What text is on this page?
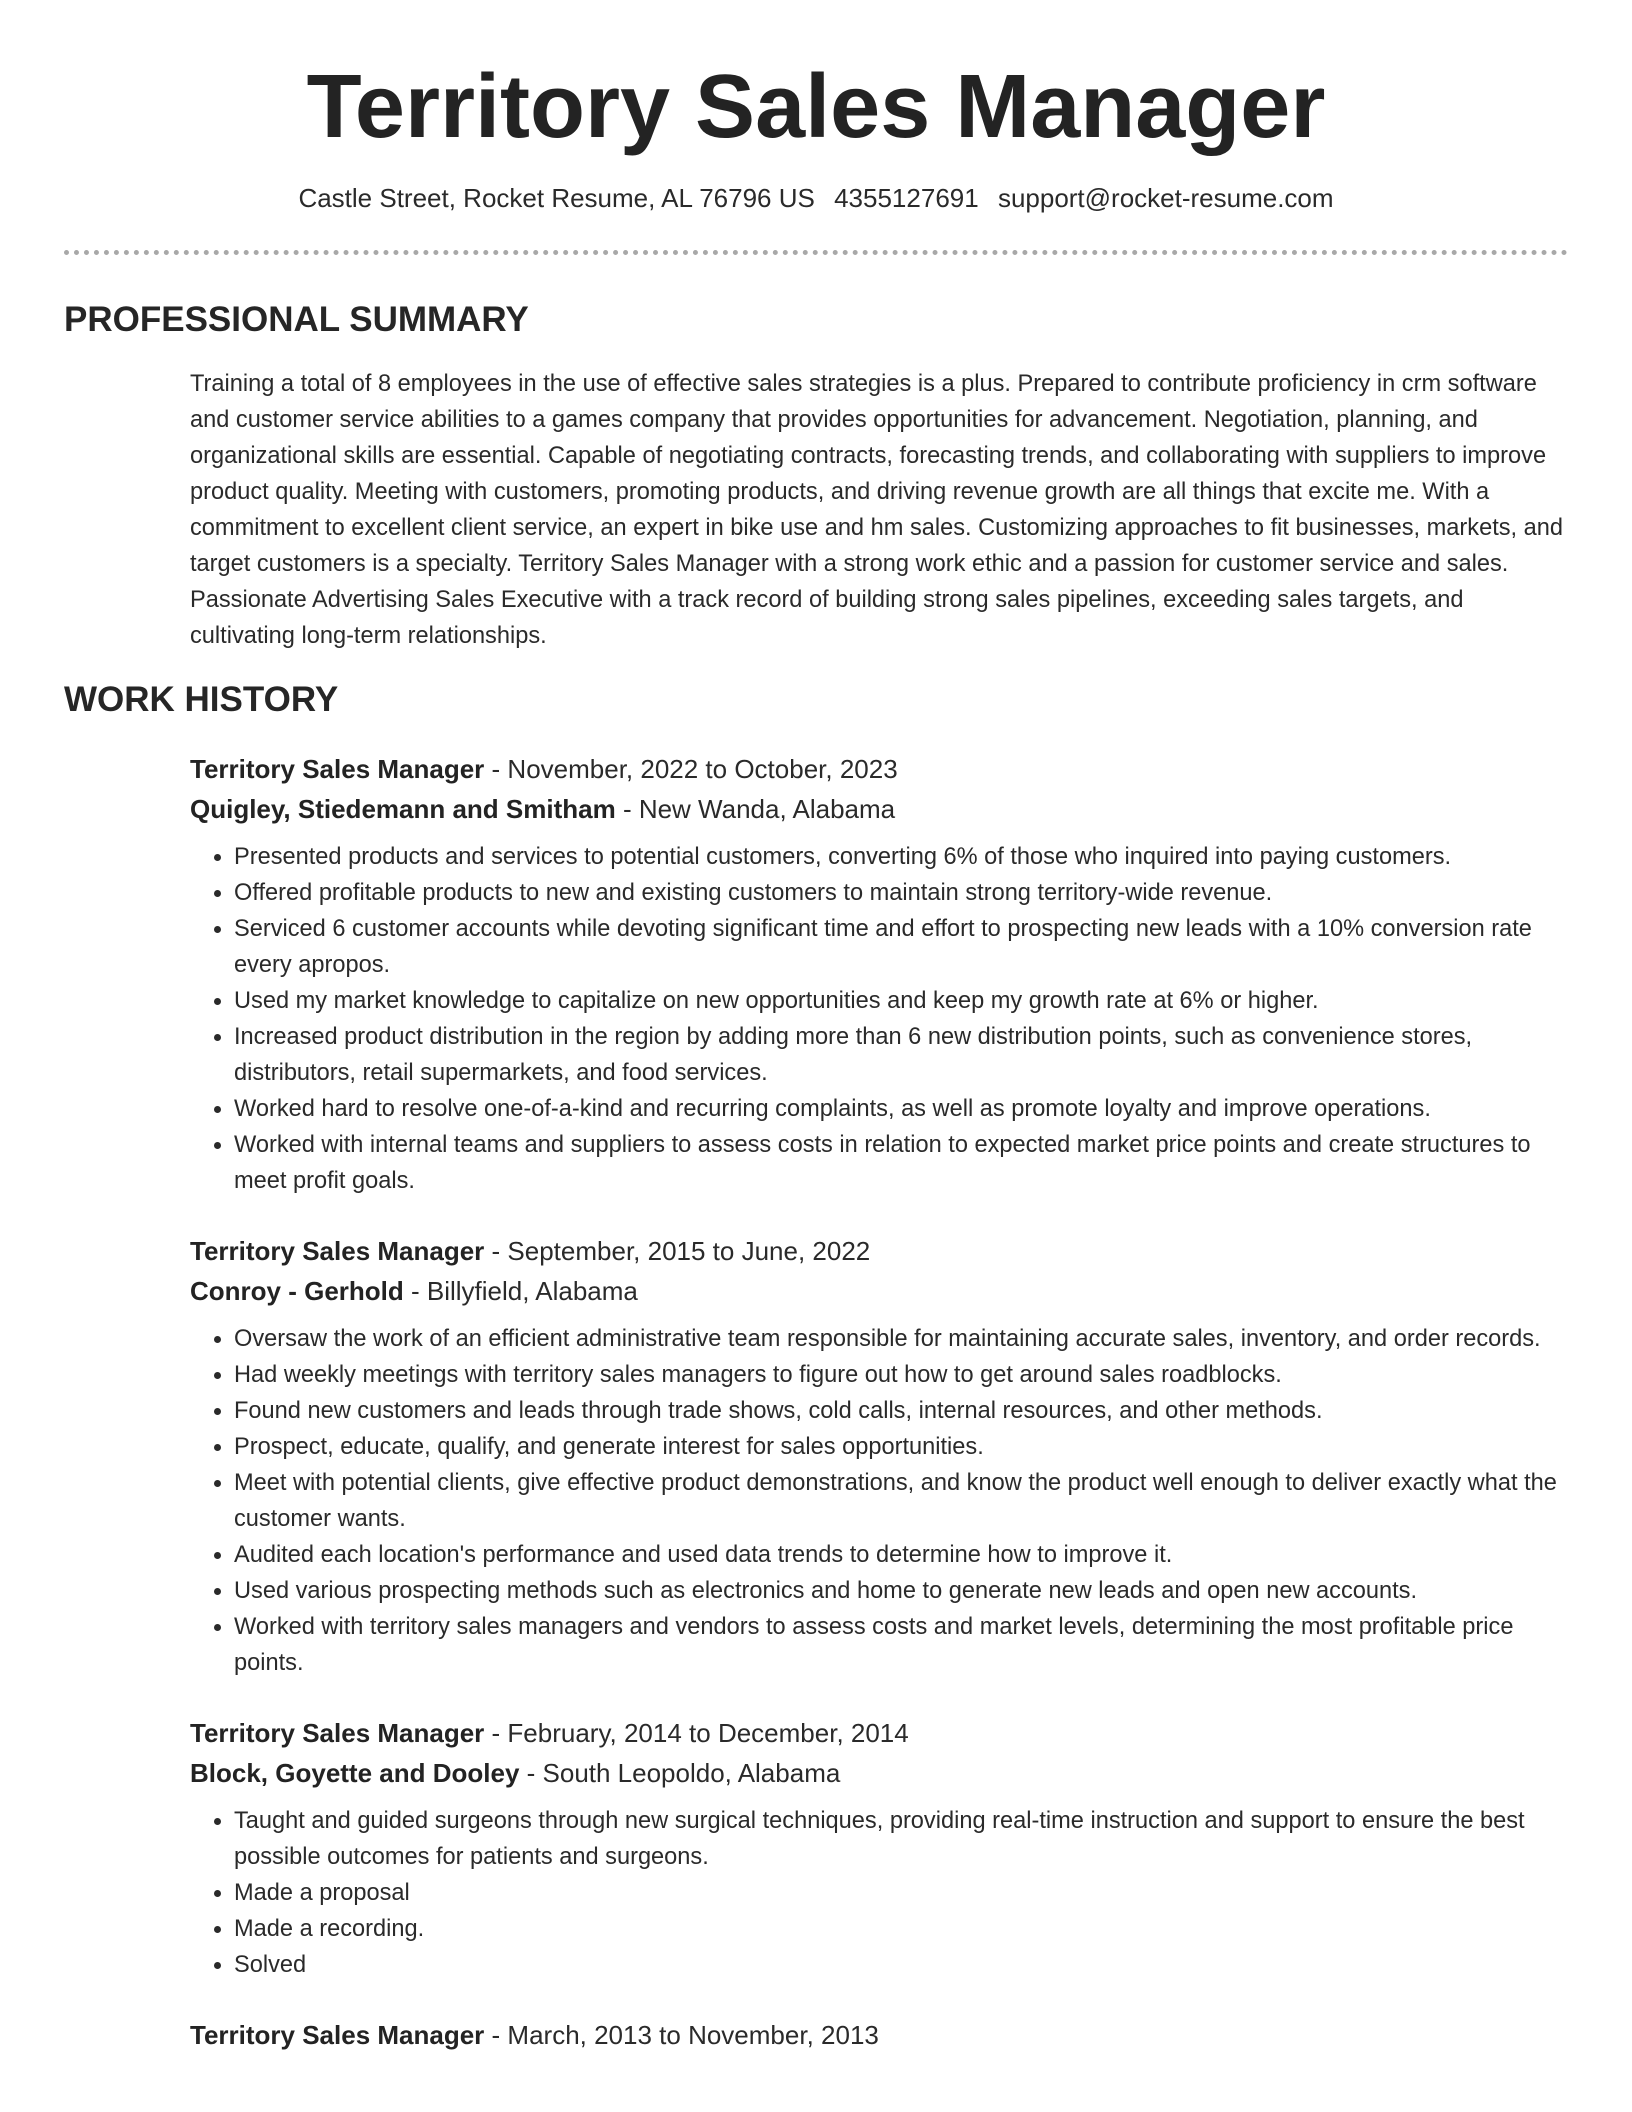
Territory Sales Manager
Castle Street, Rocket Resume, AL 76796 US 4355127691 support@rocket-resume.com
PROFESSIONAL SUMMARY

Training a total of 8 employees in the use of effective sales strategies is a plus. Prepared to contribute proficiency in crm software and customer service abilities to a games company that provides opportunities for advancement. Negotiation, planning, and organizational skills are essential. Capable of negotiating contracts, forecasting trends, and collaborating with suppliers to improve product quality. Meeting with customers, promoting products, and driving revenue growth are all things that excite me. With a commitment to excellent client service, an expert in bike use and hm sales. Customizing approaches to fit businesses, markets, and target customers is a specialty. Territory Sales Manager with a strong work ethic and a passion for customer service and sales. Passionate Advertising Sales Executive with a track record of building strong sales pipelines, exceeding sales targets, and cultivating long-term relationships.

WORK HISTORY

Territory Sales Manager - November, 2022 to October, 2023

Quigley, Stiedemann and Smitham - New Wanda, Alabama

• Presented products and services to potential customers, converting 6% of those who inquired into paying customers.
• Offered profitable products to new and existing customers to maintain strong territory-wide revenue.
• Serviced 6 customer accounts while devoting significant time and effort to prospecting new leads with a 10% conversion rate every apropos.
• Used my market knowledge to capitalize on new opportunities and keep my growth rate at 6% or higher.
• Increased product distribution in the region by adding more than 6 new distribution points, such as convenience stores, distributors, retail supermarkets, and food services.
• Worked hard to resolve one-of-a-kind and recurring complaints, as well as promote loyalty and improve operations.
• Worked with internal teams and suppliers to assess costs in relation to expected market price points and create structures to meet profit goals.

Territory Sales Manager - September, 2015 to June, 2022

Conroy - Gerhold - Billyfield, Alabama

• Oversaw the work of an efficient administrative team responsible for maintaining accurate sales, inventory, and order records.
• Had weekly meetings with territory sales managers to figure out how to get around sales roadblocks.
• Found new customers and leads through trade shows, cold calls, internal resources, and other methods.
• Prospect, educate, qualify, and generate interest for sales opportunities.
• Meet with potential clients, give effective product demonstrations, and know the product well enough to deliver exactly what the customer wants.
• Audited each location's performance and used data trends to determine how to improve it.
• Used various prospecting methods such as electronics and home to generate new leads and open new accounts.
• Worked with territory sales managers and vendors to assess costs and market levels, determining the most profitable price points.

Territory Sales Manager - February, 2014 to December, 2014

Block, Goyette and Dooley - South Leopoldo, Alabama

• Taught and guided surgeons through new surgical techniques, providing real-time instruction and support to ensure the best possible outcomes for patients and surgeons.
• Made a proposal
• Made a recording.
• Solved

Territory Sales Manager - March, 2013 to November, 2013
